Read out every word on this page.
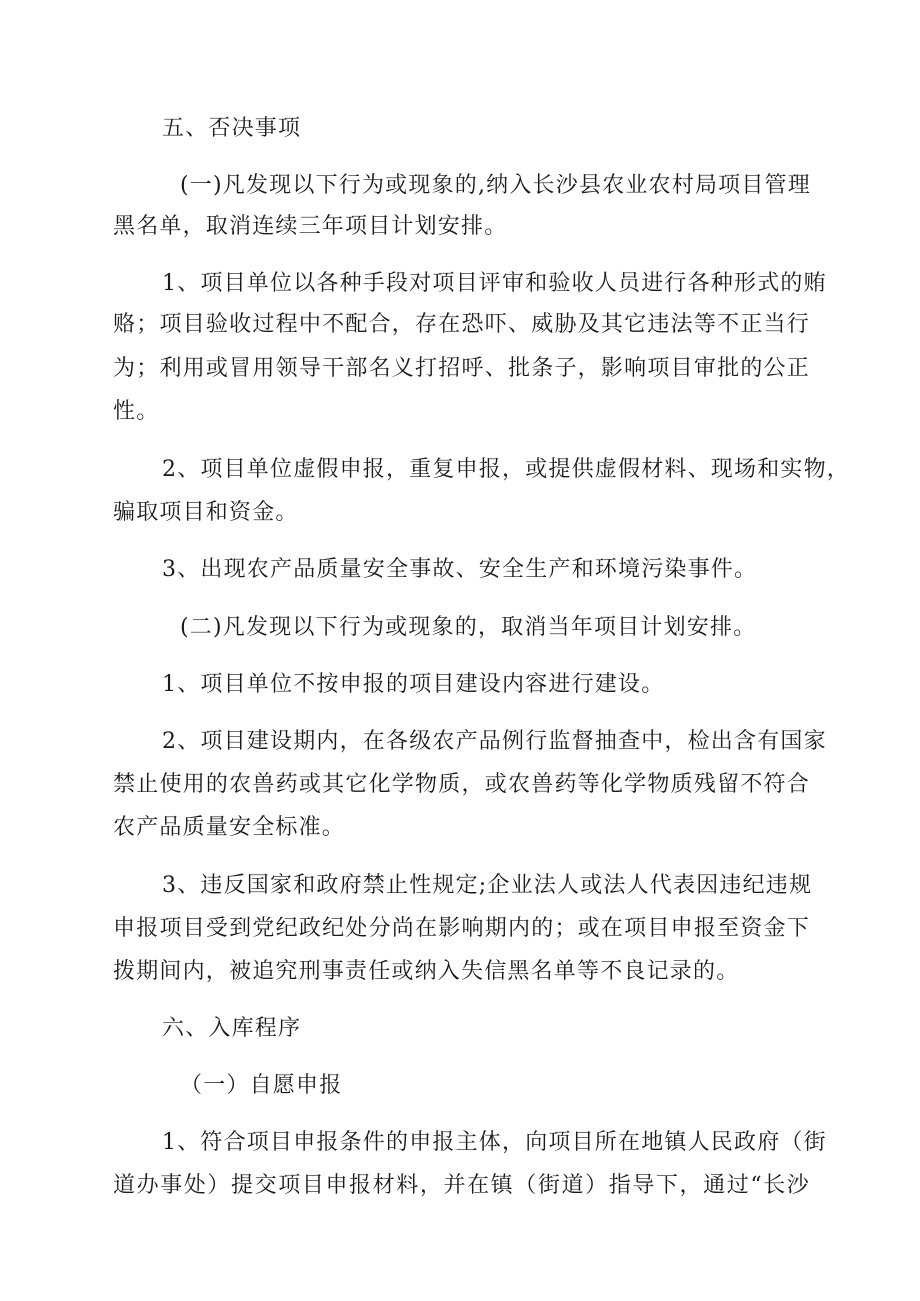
五、否决事项
(一)凡发现以下行为或现象的,纳入长沙县农业农村局项目管理
黑名单，取消连续三年项目计划安排。
1、项目单位以各种手段对项目评审和验收人员进行各种形式的贿
赂；项目验收过程中不配合，存在恐吓、威胁及其它违法等不正当行
为；利用或冒用领导干部名义打招呼、批条子，影响项目审批的公正
性。
2、项目单位虚假申报，重复申报，或提供虚假材料、现场和实物，
骗取项目和资金。
3、出现农产品质量安全事故、安全生产和环境污染事件。
(二)凡发现以下行为或现象的，取消当年项目计划安排。
1、项目单位不按申报的项目建设内容进行建设。
2、项目建设期内，在各级农产品例行监督抽查中，检出含有国家
禁止使用的农兽药或其它化学物质，或农兽药等化学物质残留不符合
农产品质量安全标准。
3、违反国家和政府禁止性规定;企业法人或法人代表因违纪违规
申报项目受到党纪政纪处分尚在影响期内的；或在项目申报至资金下
拨期间内，被追究刑事责任或纳入失信黑名单等不良记录的。
六、入库程序
（一）自愿申报
1、符合项目申报条件的申报主体，向项目所在地镇人民政府（街
道办事处）提交项目申报材料，并在镇（街道）指导下，通过“长沙
